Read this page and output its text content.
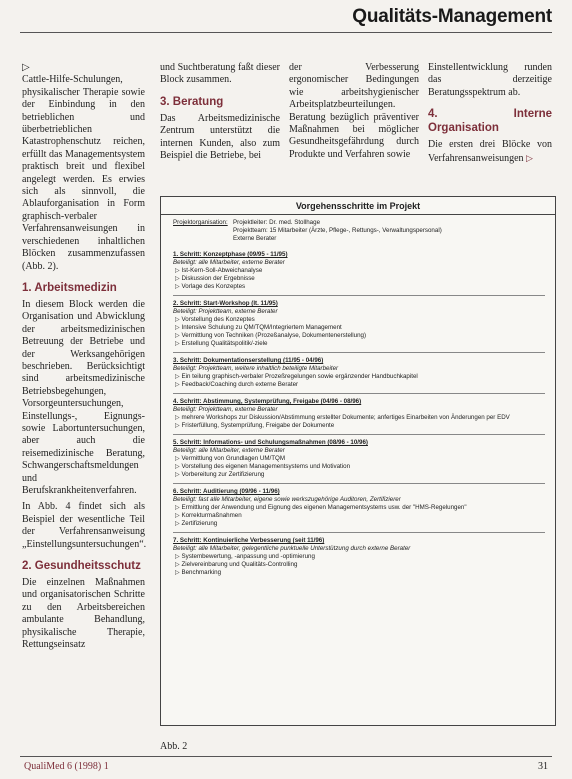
Qualitäts-Management

▷
Cattle-Hilfe-Schulungen, physikalischer Therapie sowie der Einbindung in den betrieblichen und überbetrieblichen Katastrophenschutz reichen, erfüllt das Managementsystem praktisch breit und flexibel angelegt werden. Es erwies sich als sinnvoll, die Ablauforganisation in Form graphisch-verbaler Verfahrensanweisungen in verschiedenen inhaltlichen Blöcken zusammenzufassen (Abb. 2).

1. Arbeitsmedizin

In diesem Block werden die Organisation und Abwicklung der arbeitsmedizinischen Betreuung der Betriebe und der Werksangehörigen beschrieben. Berücksichtigt sind arbeitsmedizinische Betriebsbegehungen, Vorsorgeuntersuchungen, Einstellungs-, Eignungs- sowie Labortuntersuchungen, aber auch die reisemedizinische Beratung, Schwangerschaftsmeldungen und Berufskrankheitenverfahren.

In Abb. 4 findet sich als Beispiel der wesentliche Teil der Verfahrensanweisung „Einstellungsuntersuchungen“.

2. Gesundheitsschutz

Die einzelnen Maßnahmen und organisatorischen Schritte zu den Arbeitsbereichen ambulante Behandlung, physikalische Therapie, Rettungseinsatz

und Suchtberatung faßt dieser Block zusammen.

3. Beratung

Das Arbeitsmedizinische Zentrum unterstützt die internen Kunden, also zum Beispiel die Betriebe, bei

der Verbesserung ergonomischer Bedingungen wie arbeitshygienischer Arbeitsplatzbeurteilungen. Beratung bezüglich präventiver Maßnahmen bei möglicher Gesundheitsgefährdung durch Produkte und Verfahren sowie

Einstellentwicklung runden das derzeitige Beratungsspektrum ab.

4. Interne Organisation

Die ersten drei Blöcke von Verfahrensanweisungen ▷

Vorgehensschritte im Projekt
Projektorganisation: Projektleiter: Dr. med. Stollhage
Projektteam: 15 Mitarbeiter (Ärzte, Pflege-, Rettungs-, Verwaltungspersonal)
Externe Berater
1. Schritt: Konzeptphase (09/95 - 11/95)
Beteiligt: alle Mitarbeiter, externe Berater
▷ Ist-Kern-Soll-Abweichanalyse
▷ Diskussion der Ergebnisse
▷ Vorlage des Konzeptes
2. Schritt: Start-Workshop (lt. 11/95)
Beteiligt: Projektteam, externe Berater
▷ Vorstellung des Konzeptes
▷ Intensive Schulung zu QM/TQM/Integriertem Management
▷ Vermittlung von Techniken (Prozeßanalyse, Dokumentenerstellung)
▷ Erstellung Qualitätspolitik/-ziele
3. Schritt: Dokumentationserstellung (11/95 - 04/96)
Beteiligt: Projektteam, weitere inhaltlich beteiligte Mitarbeiter
▷ Ein teilung graphisch-verbaler Prozeßregelungen sowie ergänzender Handbuchkapitel
▷ Feedback/Coaching durch externe Berater
4. Schritt: Abstimmung, Systemprüfung, Freigabe (04/96 - 08/96)
Beteiligt: Projektteam, externe Berater
▷ mehrere Workshops zur Diskussion/Abstimmung erstellter Dokumente; anfertiges Einarbeiten von Änderungen per EDV
▷ Fristerfüllung, Systemprüfung, Freigabe der Dokumente
5. Schritt: Informations- und Schulungsmaßnahmen (08/96 - 10/96)
Beteiligt: alle Mitarbeiter, externe Berater
▷ Vermittlung von Grundlagen UM/TQM
▷ Vorstellung des eigenen Managementsystems und Motivation
▷ Vorbereitung zur Zertifizierung
6. Schritt: Auditierung (09/96 - 11/96)
Beteiligt: fast alle Mitarbeiter, eigene sowie werkszugehörige Auditoren, Zertifizierer
▷ Ermittlung der Anwendung und Eignung des eigenen Managementsystems usw. der "HMS-Regelungen"
▷ Korrekturmaßnahmen
▷ Zertifizierung
7. Schritt: Kontinuierliche Verbesserung (seit 11/96)
Beteiligt: alle Mitarbeiter, gelegentliche punktuelle Unterstützung durch externe Berater
▷ Systembewertung, -anpassung und -optimierung
▷ Zielvereinbarung und Qualitäts-Controlling
▷ Benchmarking
Abb. 2
QualiMed 6 (1998) 1	31
